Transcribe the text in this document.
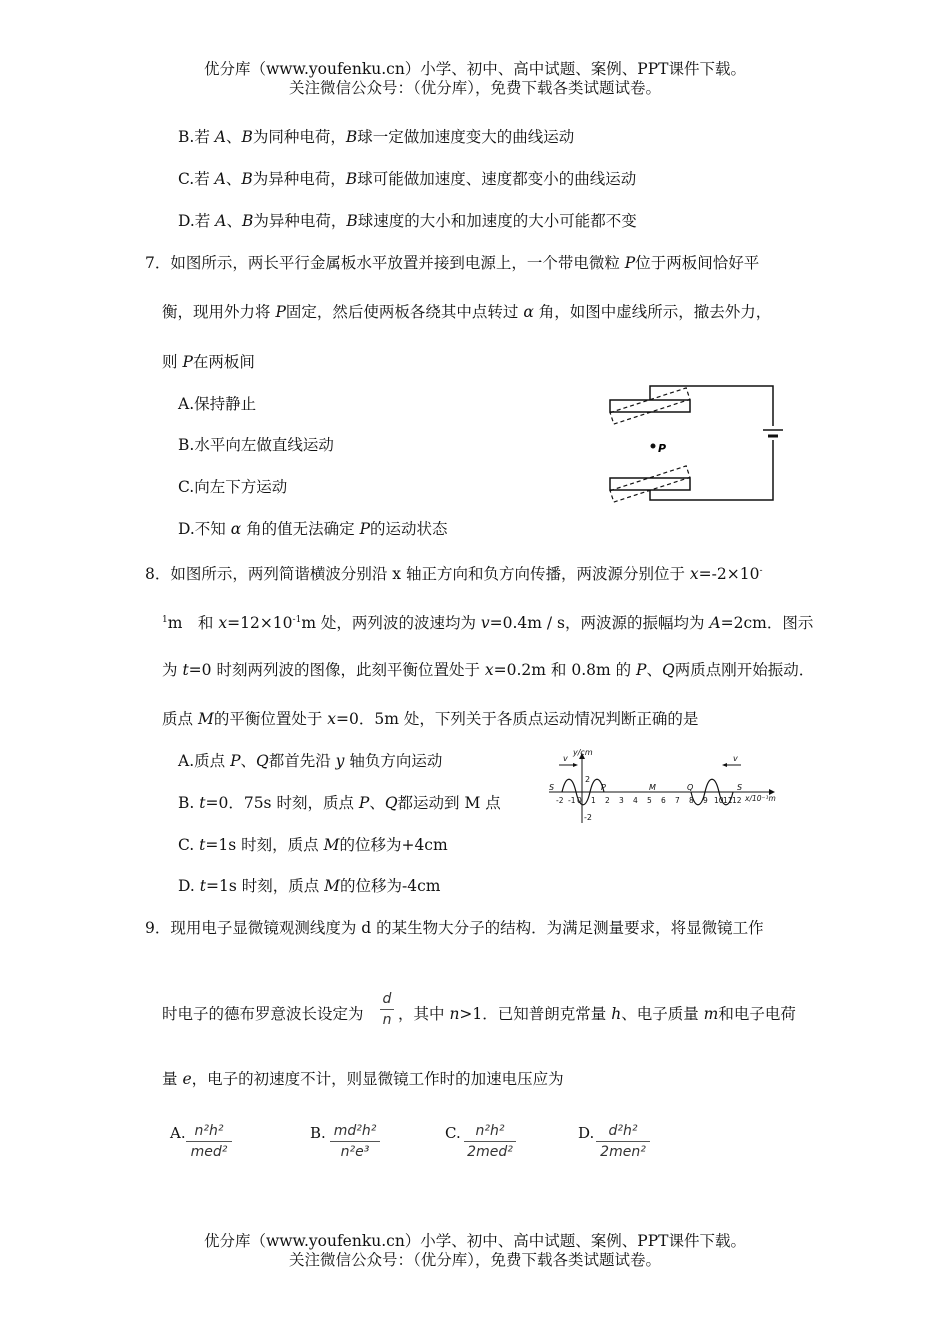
优分库（www.youfenku.cn）小学、初中、高中试题、案例、PPT课件下载。
关注微信公众号：（优分库），免费下载各类试题试卷。
B.若 A、B为同种电荷，B球一定做加速度变大的曲线运动
C.若 A、B为异种电荷，B球可能做加速度、速度都变小的曲线运动
D.若 A、B为异种电荷，B球速度的大小和加速度的大小可能都不变
7．如图所示，两长平行金属板水平放置并接到电源上，一个带电微粒 P位于两板间恰好平
衡，现用外力将 P固定，然后使两板各绕其中点转过 α 角，如图中虚线所示，撤去外力，
则 P在两板间
A.保持静止
B.水平向左做直线运动
C.向左下方运动
D.不知 α 角的值无法确定 P的运动状态
P
8．如图所示，两列简谐横波分别沿 x 轴正方向和负方向传播，两波源分别位于 x=-2×10-
$^1$m　和 $x=12\times 10^{-1}m$ 处，两列波的波速均为 v=0.4m / s，两波源的振幅均为 A=2cm．图示
为 t=0 时刻两列波的图像，此刻平衡位置处于 x=0.2m 和 0.8m 的 P、Q两质点刚开始振动．
质点 M的平衡位置处于 x=0．5m 处，下列关于各质点运动情况判断正确的是
A.质点 P、Q都首先沿 y 轴负方向运动
B. t=0．75s 时刻，质点 P、Q都运动到 M 点
C. t=1s 时刻，质点 M的位移为+4cm
D. t=1s 时刻，质点 M的位移为-4cm
y/cm
x/10⁻¹m
2
-2
-2 -1 0 1 2 3 4 5 6 7 8 9 10 11 12
S	P	M	Q	S
v	v
9．现用电子显微镜观测线度为 d 的某生物大分子的结构．为满足测量要求，将显微镜工作
时电子的德布罗意波长设定为
d
n ，其中 n>1．已知普朗克常量 h、电子质量 m和电子电荷
量 e，电子的初速度不计，则显微镜工作时的加速电压应为
A. n²h²
med²
B. md²h²
n²e³
C.	n²h²
2med²
D.	d²h²
2men²
优分库（www.youfenku.cn）小学、初中、高中试题、案例、PPT课件下载。
关注微信公众号：（优分库），免费下载各类试题试卷。
